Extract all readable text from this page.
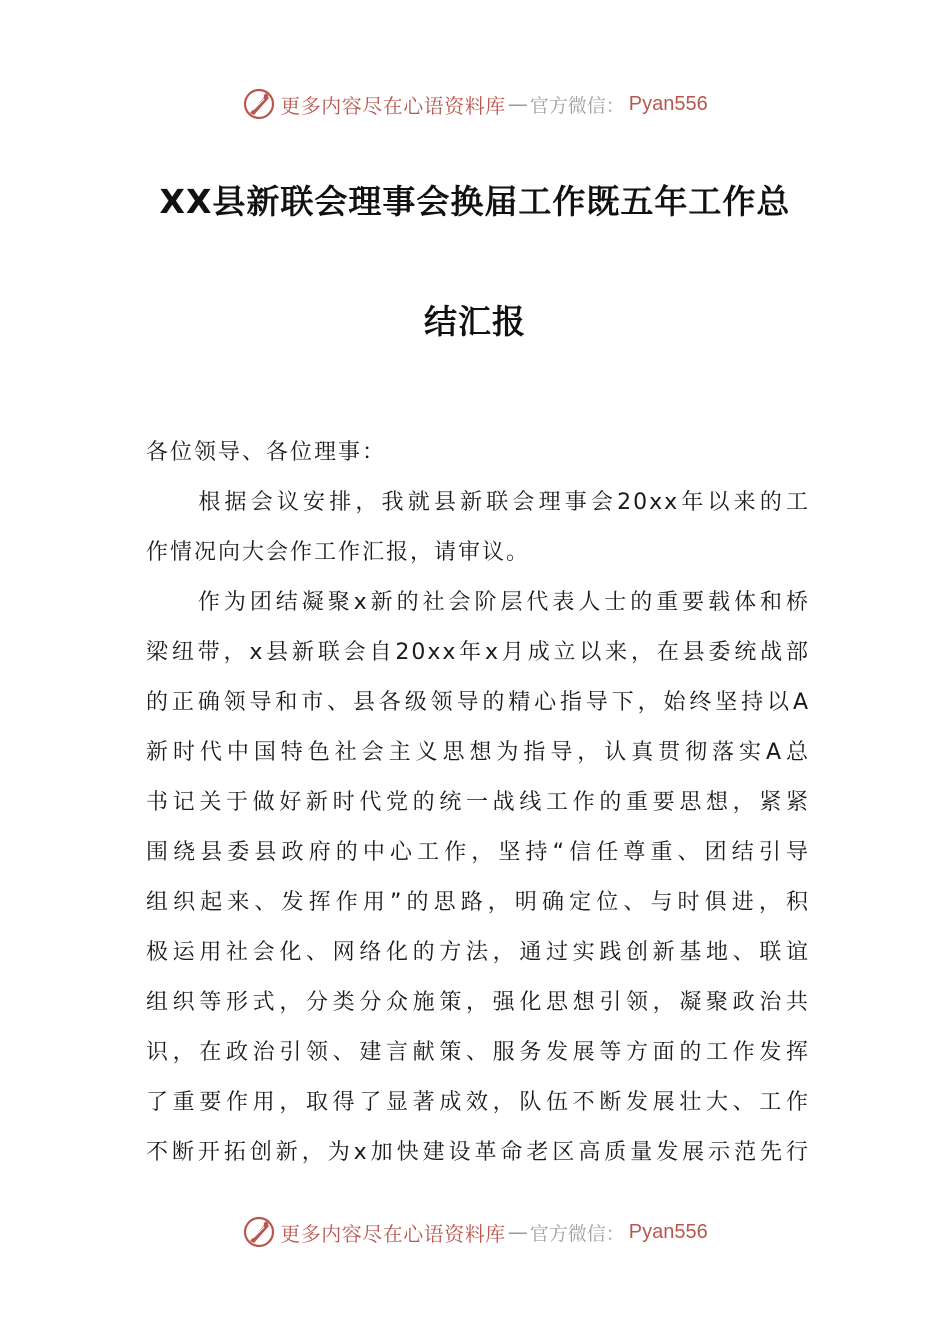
更多内容尽在心语资料库 — 官方微信： Pyan556
XX县新联会理事会换届工作既五年工作总
结汇报
各位领导、各位理事：
　　根据会议安排，我就县新联会理事会20xx年以来的工
作情况向大会作工作汇报，请审议。
　　作为团结凝聚x新的社会阶层代表人士的重要载体和桥
梁纽带，x县新联会自20xx年x月成立以来，在县委统战部
的正确领导和市、县各级领导的精心指导下，始终坚持以A
新时代中国特色社会主义思想为指导，认真贯彻落实A总
书记关于做好新时代党的统一战线工作的重要思想，紧紧
围绕县委县政府的中心工作，坚持“信任尊重、团结引导
组织起来、发挥作用”的思路，明确定位、与时俱进，积
极运用社会化、网络化的方法，通过实践创新基地、联谊
组织等形式，分类分众施策，强化思想引领，凝聚政治共
识，在政治引领、建言献策、服务发展等方面的工作发挥
了重要作用，取得了显著成效，队伍不断发展壮大、工作
不断开拓创新，为x加快建设革命老区高质量发展示范先行
更多内容尽在心语资料库 — 官方微信： Pyan556
